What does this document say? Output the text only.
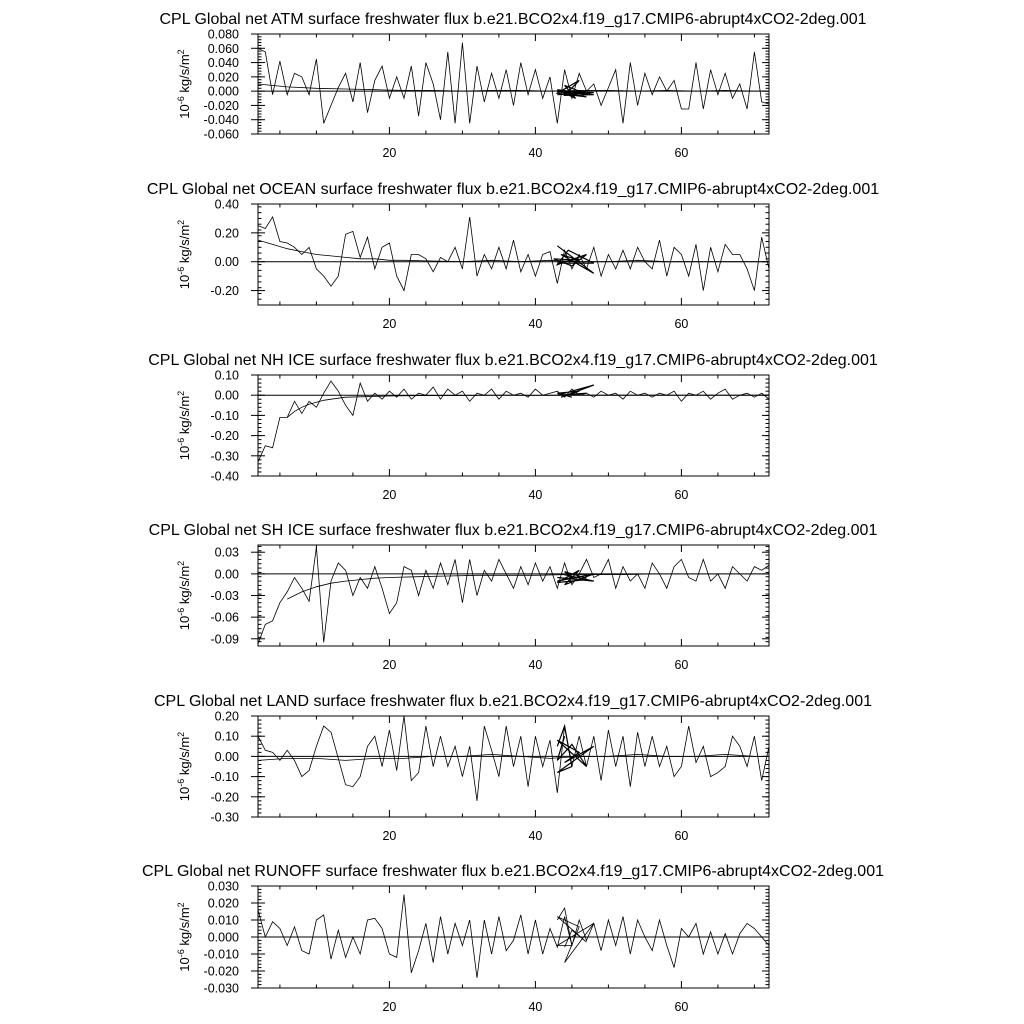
CPL Global net ATM surface freshwater flux b.e21.BCO2x4.f19_g17.CMIP6-abrupt4xCO2-2deg.001
0.080
0.060
0.040
0.020
0.000
-0.020
-0.040
-0.060
20	40	60
$10^{-6}$ $kg/s/m^2$
CPL Global net OCEAN surface freshwater flux b.e21.BCO2x4.f19_g17.CMIP6-abrupt4xCO2-2deg.001
0.40
0.20
0.00
-0.20
20	40	60
$10^{-6}$ $kg/s/m^2$
CPL Global net NH ICE surface freshwater flux b.e21.BCO2x4.f19_g17.CMIP6-abrupt4xCO2-2deg.001
0.10
0.00
-0.10
-0.20
-0.30
-0.40
20	40	60
$10^{-6}$ $kg/s/m^2$
CPL Global net SH ICE surface freshwater flux b.e21.BCO2x4.f19_g17.CMIP6-abrupt4xCO2-2deg.001
0.03
0.00
-0.03
-0.06
-0.09
20	40	60
$10^{-6}$ $kg/s/m^2$
CPL Global net LAND surface freshwater flux b.e21.BCO2x4.f19_g17.CMIP6-abrupt4xCO2-2deg.001
0.20
0.10
0.00
-0.10
-0.20
-0.30
20	40	60
$10^{-6}$ $kg/s/m^2$
CPL Global net RUNOFF surface freshwater flux b.e21.BCO2x4.f19_g17.CMIP6-abrupt4xCO2-2deg.001
0.030
0.020
0.010
0.000
-0.010
-0.020
-0.030
20	40	60
$10^{-6}$ $kg/s/m^2$
